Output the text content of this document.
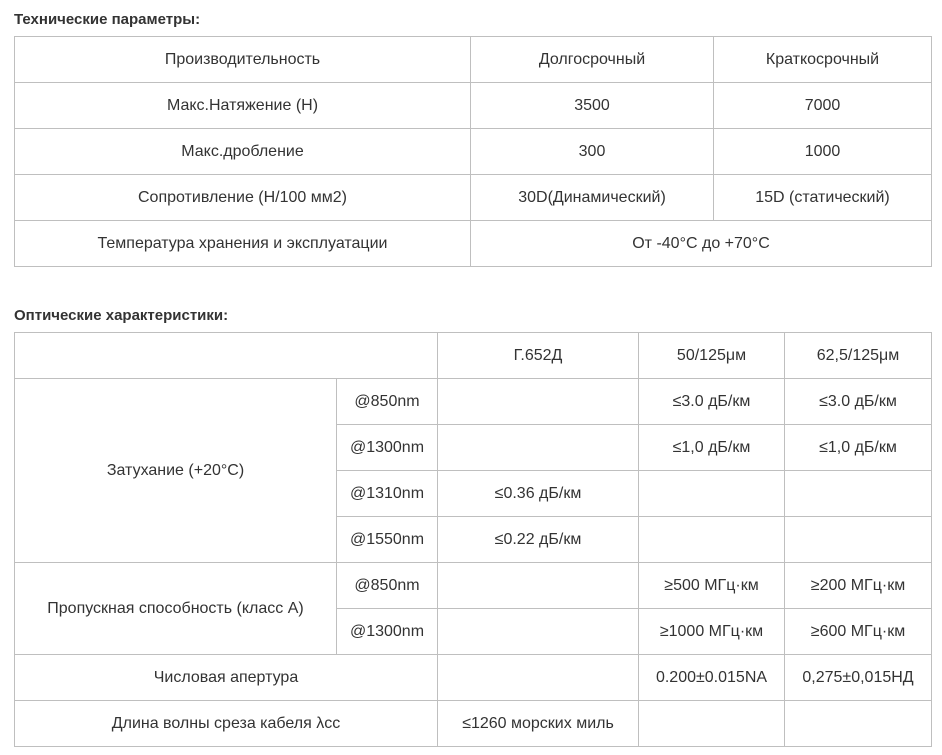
Технические параметры:
Производительность	Долгосрочный	Краткосрочный
Макс.Натяжение (Н)	3500	7000
Макс.дробление	300	1000
Сопротивление (Н/100 мм2)	30D(Динамический)	15D (статический)
Температура хранения и эксплуатации	От -40°C до +70°C	
Оптические характеристики:
		Г.652Д	50/125μм	62,5/125μм
Затухание (+20°C)	@850nm		≤3.0 дБ/км	≤3.0 дБ/км
	@1300nm		≤1,0 дБ/км	≤1,0 дБ/км
	@1310nm	≤0.36 дБ/км		
	@1550nm	≤0.22 дБ/км		
Пропускная способность (класс А)	@850nm		≥500 МГц·км	≥200 МГц·км
	@1300nm		≥1000 МГц·км	≥600 МГц·км
Числовая апертура			0.200±0.015NA	0,275±0,015НД
Длина волны среза кабеля λcc		≤1260 морских миль		
